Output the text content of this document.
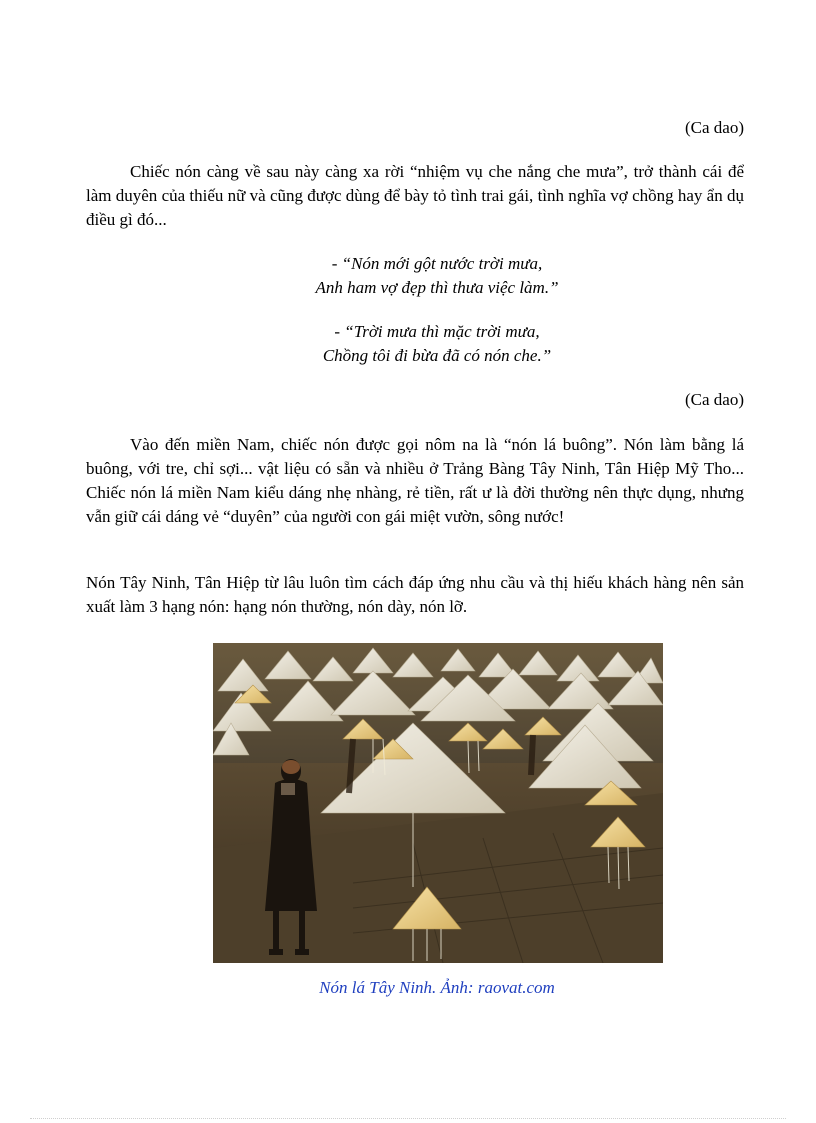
(Ca dao)

Chiếc nón càng về sau này càng xa rời “nhiệm vụ che nắng che mưa”, trở thành cái để làm duyên của thiếu nữ và cũng được dùng để bày tỏ tình trai gái, tình nghĩa vợ chồng hay ẩn dụ điều gì đó...

- “Nón mới gột nước trời mưa,
Anh ham vợ đẹp thì thưa việc làm.”
- “Trời mưa thì mặc trời mưa,
Chồng tôi đi bừa đã có nón che.”
(Ca dao)

Vào đến miền Nam, chiếc nón được gọi nôm na là “nón lá buông”. Nón làm bằng lá buông, với tre, chỉ sợi... vật liệu có sẵn và nhiều ở Trảng Bàng Tây Ninh, Tân Hiệp Mỹ Tho... Chiếc nón lá miền Nam kiểu dáng nhẹ nhàng, rẻ tiền, rất ư là đời thường nên thực dụng, nhưng vẫn giữ cái dáng vẻ “duyên” của người con gái miệt vườn, sông nước!

Nón Tây Ninh, Tân Hiệp từ lâu luôn tìm cách đáp ứng nhu cầu và thị hiếu khách hàng nên sản xuất làm 3 hạng nón: hạng nón thường, nón dày, nón lỡ.

Nón lá Tây Ninh. Ảnh: raovat.com
